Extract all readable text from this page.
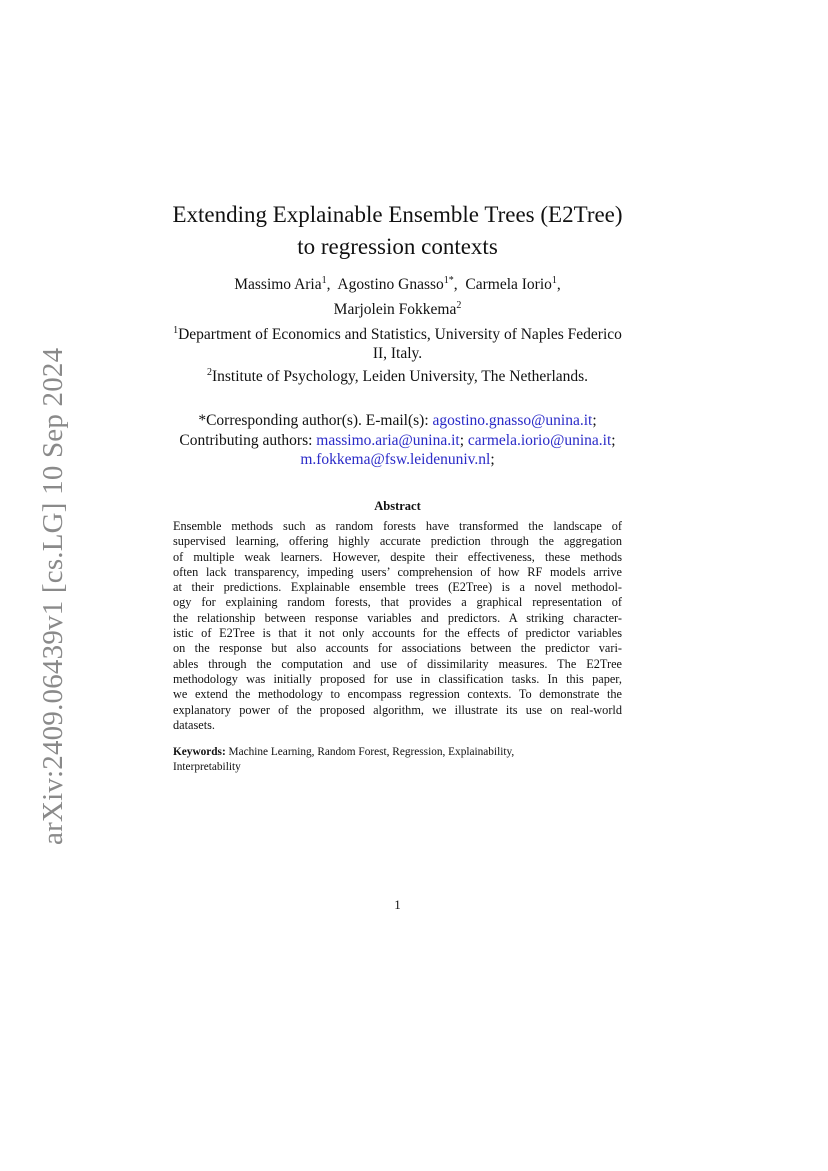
arXiv:2409.06439v1 [cs.LG] 10 Sep 2024
Extending Explainable Ensemble Trees (E2Tree)
to regression contexts
Massimo Aria$^1$,  Agostino Gnasso$^{1*}$,  Carmela Iorio$^1$,
Marjolein Fokkema$^2$
$^1$Department of Economics and Statistics, University of Naples Federico
II, Italy.
$^2$Institute of Psychology, Leiden University, The Netherlands.
*Corresponding author(s). E-mail(s): agostino.gnasso@unina.it;
Contributing authors: massimo.aria@unina.it; carmela.iorio@unina.it;
m.fokkema@fsw.leidenuniv.nl;
Abstract
Ensemble methods such as random forests have transformed the landscape of
supervised learning, offering highly accurate prediction through the aggregation
of multiple weak learners. However, despite their effectiveness, these methods
often lack transparency, impeding users’ comprehension of how RF models arrive
at their predictions. Explainable ensemble trees (E2Tree) is a novel methodol-
ogy for explaining random forests, that provides a graphical representation of
the relationship between response variables and predictors. A striking character-
istic of E2Tree is that it not only accounts for the effects of predictor variables
on the response but also accounts for associations between the predictor vari-
ables through the computation and use of dissimilarity measures. The E2Tree
methodology was initially proposed for use in classification tasks. In this paper,
we extend the methodology to encompass regression contexts. To demonstrate the
explanatory power of the proposed algorithm, we illustrate its use on real-world
datasets.
Keywords: Machine Learning, Random Forest, Regression, Explainability,
Interpretability
1
